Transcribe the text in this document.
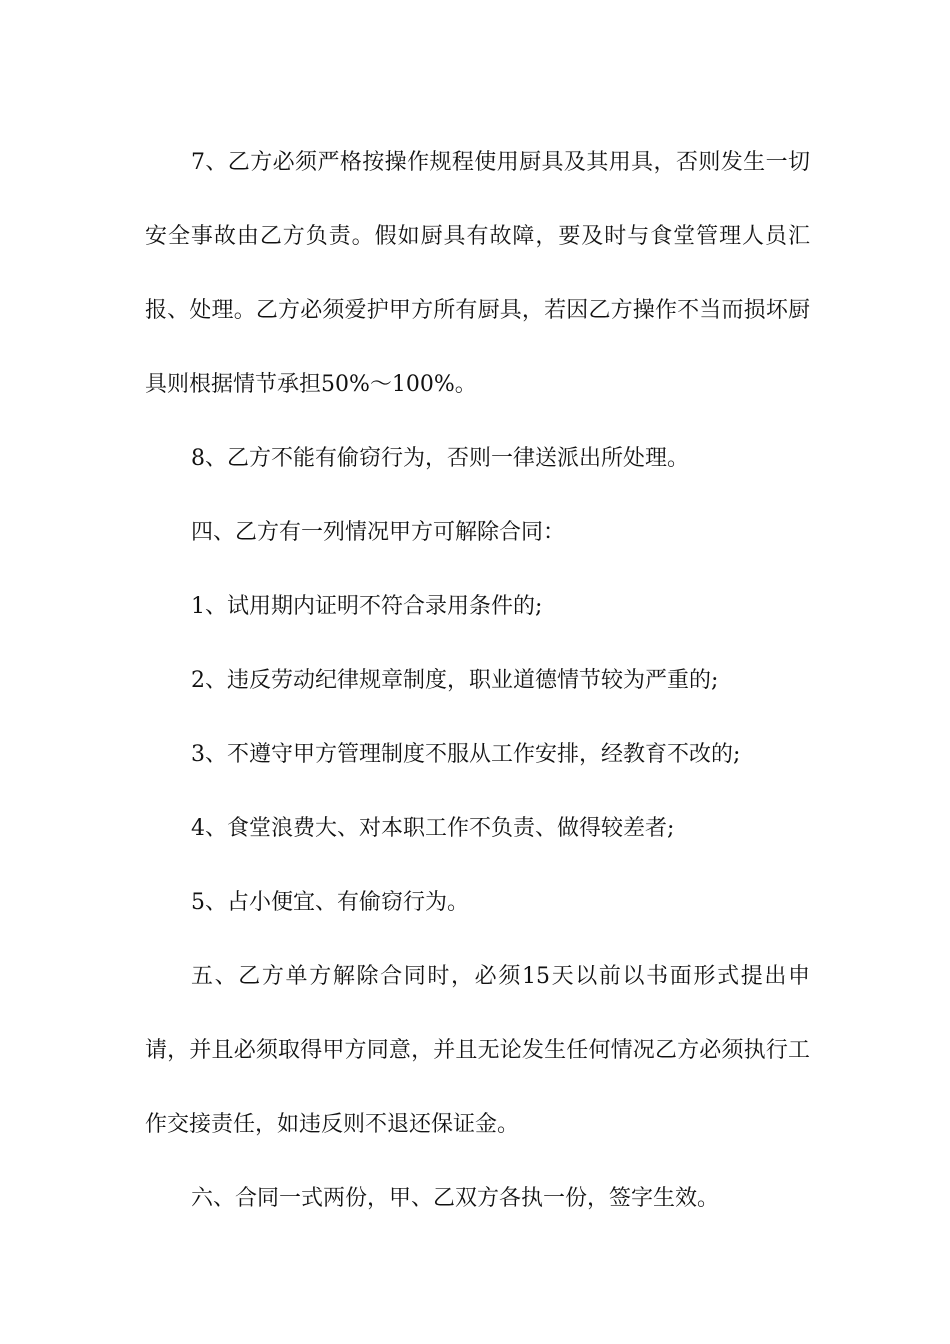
7、乙方必须严格按操作规程使用厨具及其用具，否则发生一切安全事故由乙方负责。假如厨具有故障，要及时与食堂管理人员汇报、处理。乙方必须爱护甲方所有厨具，若因乙方操作不当而损坏厨具则根据情节承担50%～100%。

8、乙方不能有偷窃行为，否则一律送派出所处理。

四、乙方有一列情况甲方可解除合同：

1、试用期内证明不符合录用条件的;

2、违反劳动纪律规章制度，职业道德情节较为严重的;

3、不遵守甲方管理制度不服从工作安排，经教育不改的;

4、食堂浪费大、对本职工作不负责、做得较差者;

5、占小便宜、有偷窃行为。

五、乙方单方解除合同时，必须15天以前以书面形式提出申请，并且必须取得甲方同意，并且无论发生任何情况乙方必须执行工作交接责任，如违反则不退还保证金。

六、合同一式两份，甲、乙双方各执一份，签字生效。
